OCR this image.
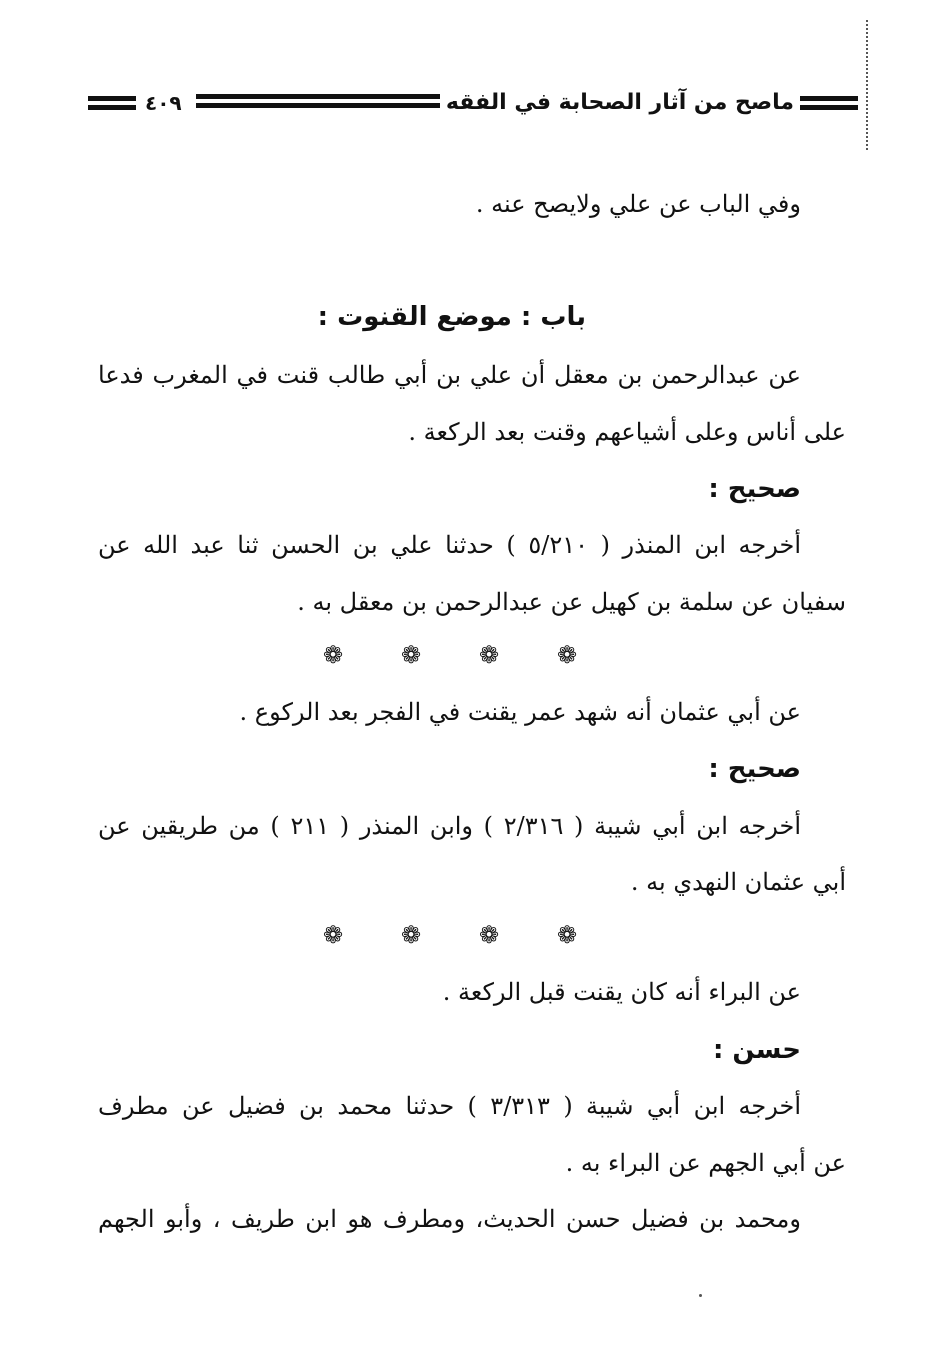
ماصح من آثار الصحابة في الفقه
٤٠٩
وفي الباب عن علي ولايصح عنه .
باب : موضع القنوت :
عن عبدالرحمن بن معقل أن علي بن أبي طالب قنت في المغرب فدعا
على أناس وعلى أشياعهم وقنت بعد الركعة .
صحيح :
أخرجه ابن المنذر ( ٥/٢١٠ ) حدثنا علي بن الحسن ثنا عبد الله عن
سفيان عن سلمة بن كهيل عن عبدالرحمن بن معقل به .
❁ ❁ ❁ ❁
عن أبي عثمان أنه شهد عمر يقنت في الفجر بعد الركوع .
صحيح :
أخرجه ابن أبي شيبة ( ٢/٣١٦ ) وابن المنذر ( ٢١١ ) من طريقين عن
أبي عثمان النهدي به .
❁ ❁ ❁ ❁
عن البراء أنه كان يقنت قبل الركعة .
حسن :
أخرجه ابن أبي شيبة ( ٣/٣١٣ ) حدثنا محمد بن فضيل عن مطرف
عن أبي الجهم عن البراء به .
ومحمد بن فضيل حسن الحديث، ومطرف هو ابن طريف ، وأبو الجهم
